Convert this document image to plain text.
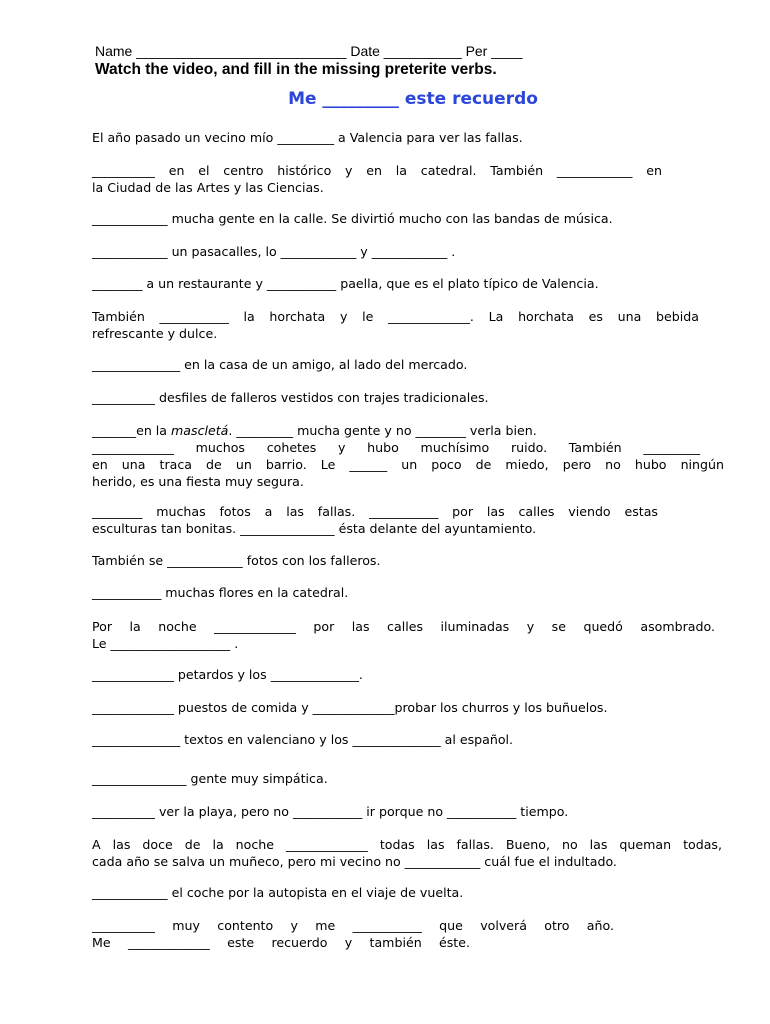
Name ___________________________ Date __________ Per ____
Watch the video, and fill in the missing preterite verbs.
Me _________ este recuerdo
El año pasado un vecino mío _________ a Valencia para ver las fallas.
__________ en el centro histórico y en la catedral. También ____________ en
la Ciudad de las Artes y las Ciencias.
____________ mucha gente en la calle. Se divirtió mucho con las bandas de música.
____________ un pasacalles, lo ____________ y ____________ .
________ a un restaurante y ___________ paella, que es el plato típico de Valencia.
También ___________ la horchata y le _____________. La horchata es una bebida
refrescante y dulce.
______________ en la casa de un amigo, al lado del mercado.
__________ desfiles de falleros vestidos con trajes tradicionales.
_______en la mascletá. _________ mucha gente y no ________ verla bien.
_____________ muchos cohetes y hubo muchísimo ruido. También _________
en una traca de un barrio. Le ______ un poco de miedo, pero no hubo ningún
herido, es una fiesta muy segura.
________ muchas fotos a las fallas. ___________ por las calles viendo estas
esculturas tan bonitas. _______________ ésta delante del ayuntamiento.
También se ____________ fotos con los falleros.
___________ muchas flores en la catedral.
Por la noche _____________ por las calles iluminadas y se quedó asombrado.
Le ___________________ .
_____________ petardos y los ______________.
_____________ puestos de comida y _____________probar los churros y los buñuelos.
______________ textos en valenciano y los ______________ al español.
_______________ gente muy simpática.
__________ ver la playa, pero no ___________ ir porque no ___________ tiempo.
A las doce de la noche _____________ todas las fallas. Bueno, no las queman todas,
cada año se salva un muñeco, pero mi vecino no ____________ cuál fue el indultado.
____________ el coche por la autopista en el viaje de vuelta.
__________ muy contento y me ___________ que volverá otro año.
Me _____________ este recuerdo y también éste.
